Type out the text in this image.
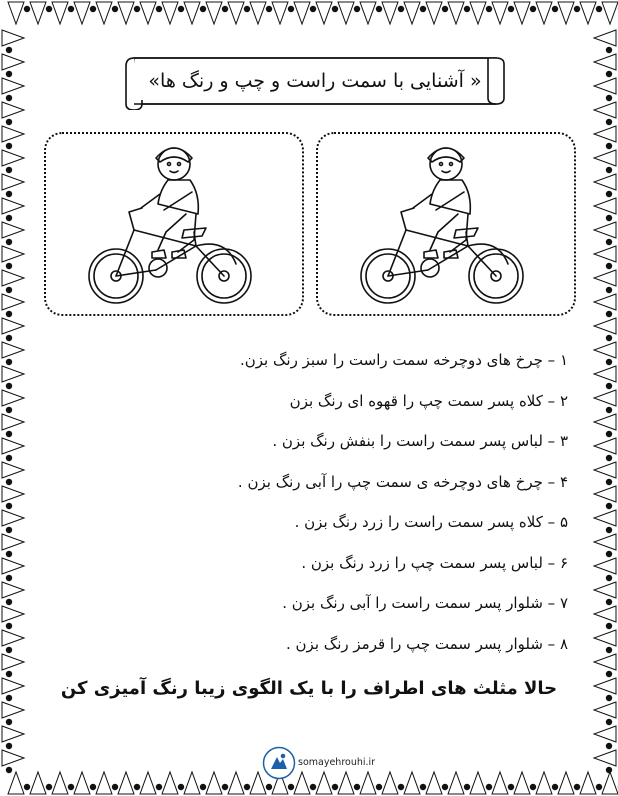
« آشنایی با سمت راست و چپ و رنگ ها»
۱ – چرخ های دوچرخه سمت راست را سبز رنگ بزن.
۲ – کلاه پسر سمت چپ را قهوه ای رنگ بزن
۳ – لباس پسر سمت راست را بنفش رنگ بزن .
۴ – چرخ های دوچرخه ی سمت چپ را آبی رنگ بزن .
۵ – کلاه پسر سمت راست را زرد رنگ بزن .
۶ – لباس پسر سمت چپ را زرد رنگ بزن .
۷ – شلوار پسر سمت راست را آبی رنگ بزن .
۸ – شلوار پسر سمت چپ را قرمز رنگ بزن .
حالا مثلث های اطراف را با یک الگوی زیبا رنگ آمیزی کن
somayehrouhi.ir
